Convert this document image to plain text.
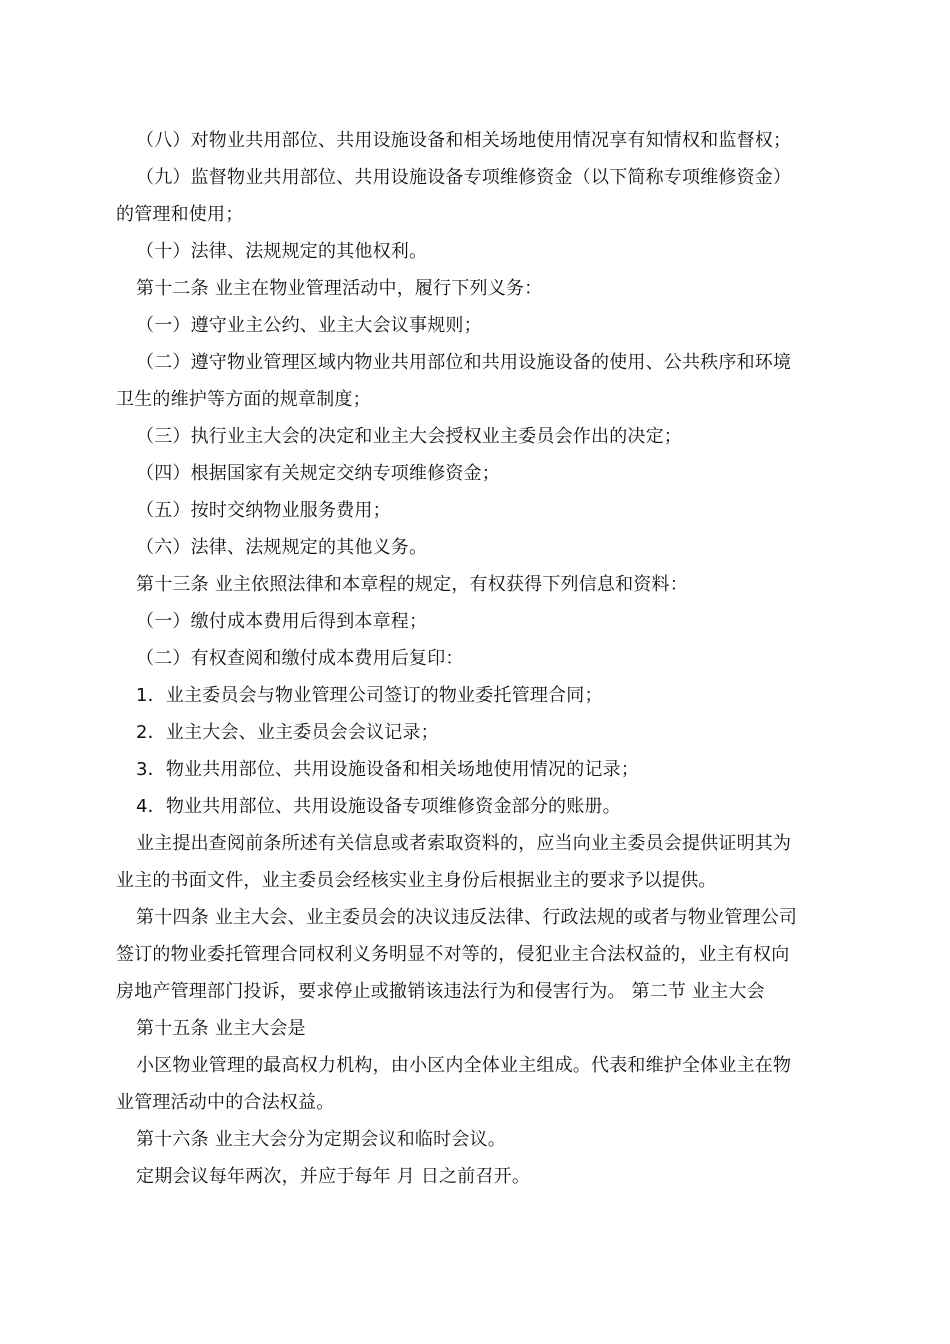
（八）对物业共用部位、共用设施设备和相关场地使用情况享有知情权和监督权；
（九）监督物业共用部位、共用设施设备专项维修资金（以下简称专项维修资金）
的管理和使用；
（十）法律、法规规定的其他权利。
第十二条 业主在物业管理活动中，履行下列义务：
（一）遵守业主公约、业主大会议事规则；
（二）遵守物业管理区域内物业共用部位和共用设施设备的使用、公共秩序和环境
卫生的维护等方面的规章制度；
（三）执行业主大会的决定和业主大会授权业主委员会作出的决定；
（四）根据国家有关规定交纳专项维修资金；
（五）按时交纳物业服务费用；
（六）法律、法规规定的其他义务。
第十三条 业主依照法律和本章程的规定，有权获得下列信息和资料：
（一）缴付成本费用后得到本章程；
（二）有权查阅和缴付成本费用后复印：
1．业主委员会与物业管理公司签订的物业委托管理合同；
2．业主大会、业主委员会会议记录；
3．物业共用部位、共用设施设备和相关场地使用情况的记录；
4．物业共用部位、共用设施设备专项维修资金部分的账册。
业主提出查阅前条所述有关信息或者索取资料的，应当向业主委员会提供证明其为
业主的书面文件，业主委员会经核实业主身份后根据业主的要求予以提供。
第十四条 业主大会、业主委员会的决议违反法律、行政法规的或者与物业管理公司
签订的物业委托管理合同权利义务明显不对等的，侵犯业主合法权益的，业主有权向
房地产管理部门投诉，要求停止或撤销该违法行为和侵害行为。 第二节 业主大会
第十五条 业主大会是
小区物业管理的最高权力机构，由小区内全体业主组成。代表和维护全体业主在物
业管理活动中的合法权益。
第十六条 业主大会分为定期会议和临时会议。
定期会议每年两次，并应于每年 月 日之前召开。
